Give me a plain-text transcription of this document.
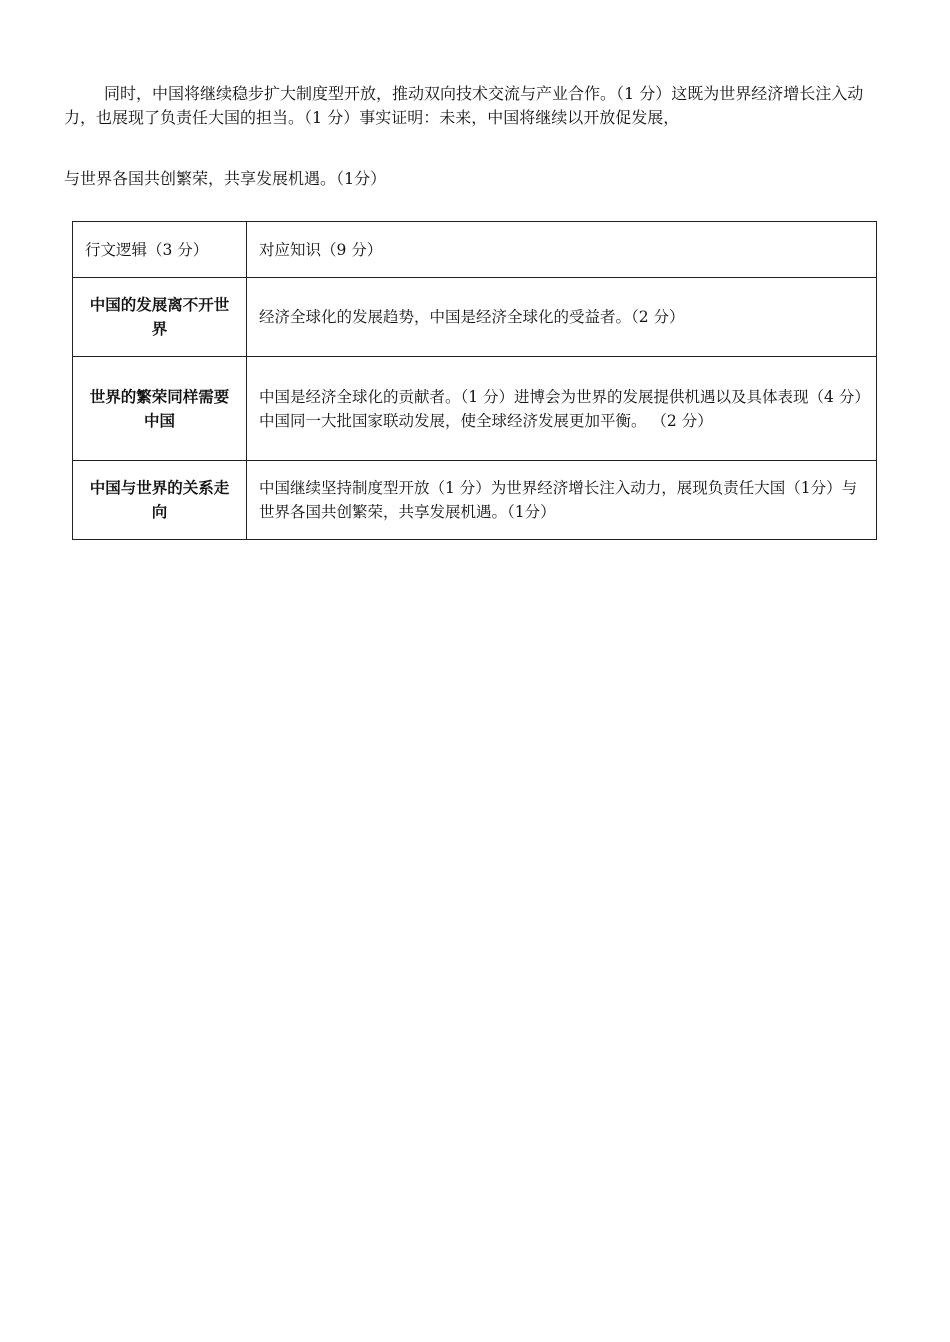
同时，中国将继续稳步扩大制度型开放，推动双向技术交流与产业合作。（1 分）这既为世界经济增长注入动力，也展现了负责任大国的担当。（1 分）事实证明：未来，中国将继续以开放促发展，

与世界各国共创繁荣，共享发展机遇。（1分）

行文逻辑（3 分）	对应知识（9 分）
中国的发展离不开世界	经济全球化的发展趋势，中国是经济全球化的受益者。（2 分）
世界的繁荣同样需要中国	中国是经济全球化的贡献者。（1 分）进博会为世界的发展提供机遇以及具体表现（4 分）中国同一大批国家联动发展，使全球经济发展更加平衡。 （2 分）
中国与世界的关系走向	中国继续坚持制度型开放（1 分）为世界经济增长注入动力，展现负责任大国（1分）与世界各国共创繁荣，共享发展机遇。（1分）
